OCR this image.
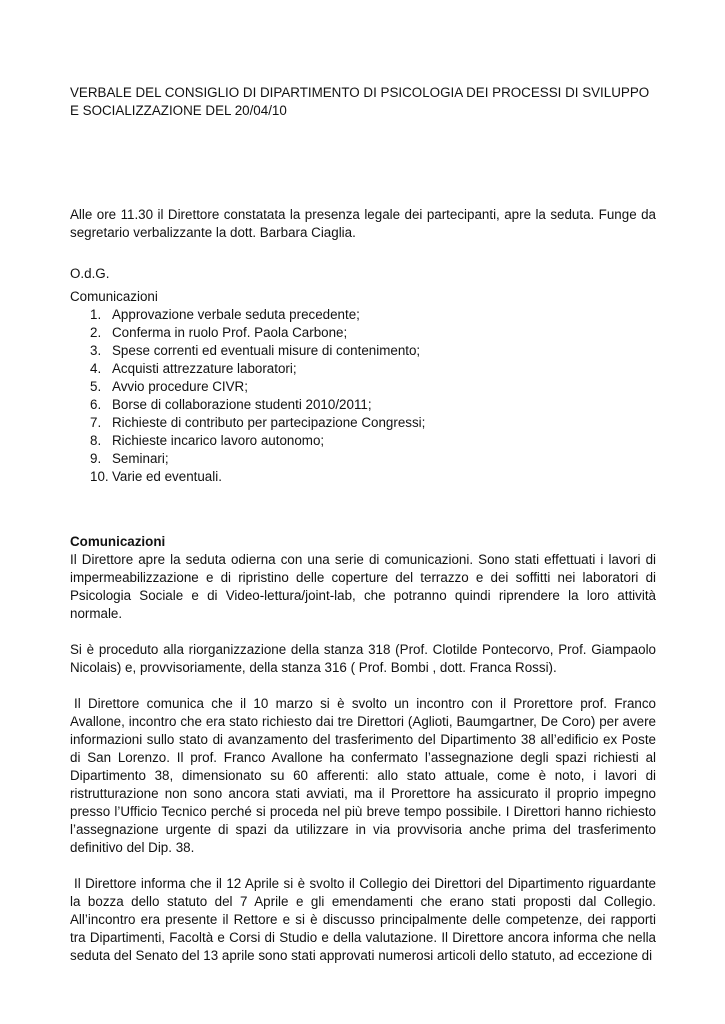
VERBALE DEL CONSIGLIO DI DIPARTIMENTO DI PSICOLOGIA DEI PROCESSI DI SVILUPPO E SOCIALIZZAZIONE DEL 20/04/10

Alle ore 11.30 il Direttore constatata la presenza legale dei partecipanti, apre la seduta. Funge da segretario verbalizzante la dott. Barbara Ciaglia.

O.d.G.

Comunicazioni

1. Approvazione verbale seduta precedente;
2. Conferma in ruolo Prof. Paola Carbone;
3. Spese correnti ed eventuali misure di contenimento;
4. Acquisti attrezzature laboratori;
5. Avvio procedure CIVR;
6. Borse di collaborazione studenti 2010/2011;
7. Richieste di contributo per partecipazione Congressi;
8. Richieste incarico lavoro autonomo;
9. Seminari;
10. Varie ed eventuali.

Comunicazioni

Il Direttore apre la seduta odierna con una serie di comunicazioni. Sono stati effettuati i lavori di impermeabilizzazione e di ripristino delle coperture del terrazzo e dei soffitti nei laboratori di Psicologia Sociale e di Video-lettura/joint-lab, che potranno quindi riprendere la loro attività normale.

Si è proceduto alla riorganizzazione della stanza 318 (Prof. Clotilde Pontecorvo, Prof. Giampaolo Nicolais) e, provvisoriamente, della stanza 316 ( Prof. Bombi , dott. Franca Rossi).

Il Direttore comunica che il 10 marzo si è svolto un incontro con il Prorettore prof. Franco Avallone, incontro che era stato richiesto dai tre Direttori (Aglioti, Baumgartner, De Coro) per avere informazioni sullo stato di avanzamento del trasferimento del Dipartimento 38 all’edificio ex Poste di San Lorenzo. Il prof. Franco Avallone ha confermato l’assegnazione degli spazi richiesti al Dipartimento 38, dimensionato su 60 afferenti: allo stato attuale, come è noto, i lavori di ristrutturazione non sono ancora stati avviati, ma il Prorettore ha assicurato il proprio impegno presso l’Ufficio Tecnico perché si proceda nel più breve tempo possibile. I Direttori hanno richiesto l’assegnazione urgente di spazi da utilizzare in via provvisoria anche prima del trasferimento definitivo del Dip. 38.

Il Direttore informa che il 12 Aprile si è svolto il Collegio dei Direttori del Dipartimento riguardante la bozza dello statuto del 7 Aprile e gli emendamenti che erano stati proposti dal Collegio. All’incontro era presente il Rettore e si è discusso principalmente delle competenze, dei rapporti tra Dipartimenti, Facoltà e Corsi di Studio e della valutazione. Il Direttore ancora informa che nella seduta del Senato del 13 aprile sono stati approvati numerosi articoli dello statuto, ad eccezione di
